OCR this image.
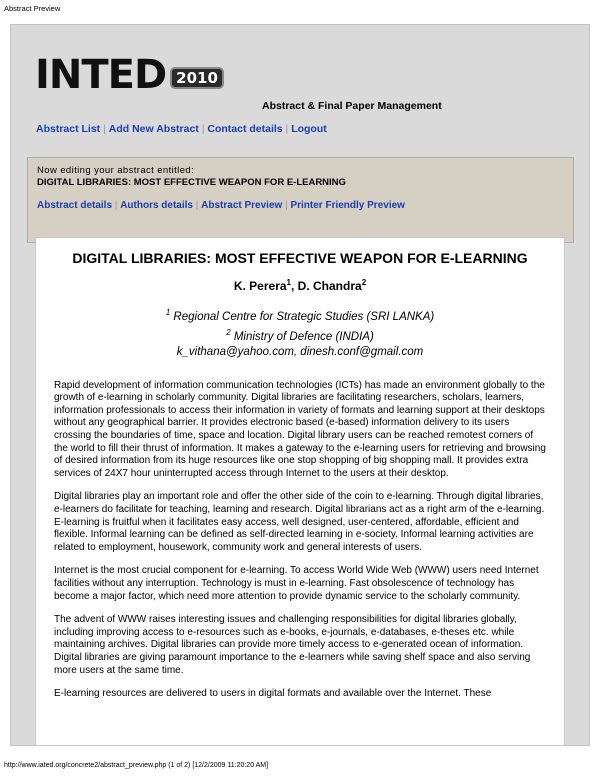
Abstract Preview
INTED 2010
Abstract & Final Paper Management
Abstract List | Add New Abstract | Contact details | Logout
Now editing your abstract entitled:
DIGITAL LIBRARIES: MOST EFFECTIVE WEAPON FOR E-LEARNING
Abstract details | Authors details | Abstract Preview | Printer Friendly Preview
DIGITAL LIBRARIES: MOST EFFECTIVE WEAPON FOR E-LEARNING
K. Perera$^1$, D. Chandra$^2$
$^1$ Regional Centre for Strategic Studies (SRI LANKA)
$^2$ Ministry of Defence (INDIA)
k_vithana@yahoo.com, dinesh.conf@gmail.com

Rapid development of information communication technologies (ICTs) has made an environment globally to the growth of e-learning in scholarly community. Digital libraries are facilitating researchers, scholars, learners, information professionals to access their information in variety of formats and learning support at their desktops without any geographical barrier. It provides electronic based (e-based) information delivery to its users crossing the boundaries of time, space and location. Digital library users can be reached remotest corners of the world to fill their thrust of information. It makes a gateway to the e-learning users for retrieving and browsing of desired information from its huge resources like one stop shopping of big shopping mall. It provides extra services of 24X7 hour uninterrupted access through Internet to the users at their desktop.

Digital libraries play an important role and offer the other side of the coin to e-learning. Through digital libraries, e-learners do facilitate for teaching, learning and research. Digital librarians act as a right arm of the e-learning. E-learning is fruitful when it facilitates easy access, well designed, user-centered, affordable, efficient and flexible. Informal learning can be defined as self-directed learning in e-society. Informal learning activities are related to employment, housework, community work and general interests of users.

Internet is the most crucial component for e-learning. To access World Wide Web (WWW) users need Internet facilities without any interruption. Technology is must in e-learning. Fast obsolescence of technology has become a major factor, which need more attention to provide dynamic service to the scholarly community.

The advent of WWW raises interesting issues and challenging responsibilities for digital libraries globally, including improving access to e-resources such as e-books, e-journals, e-databases, e-theses etc. while maintaining archives. Digital libraries can provide more timely access to e-generated ocean of information. Digital libraries are giving paramount importance to the e-learners while saving shelf space and also serving more users at the same time.

E-learning resources are delivered to users in digital formats and available over the Internet. These

http://www.iated.org/concrete2/abstract_preview.php (1 of 2) [12/2/2009 11:20:20 AM]
